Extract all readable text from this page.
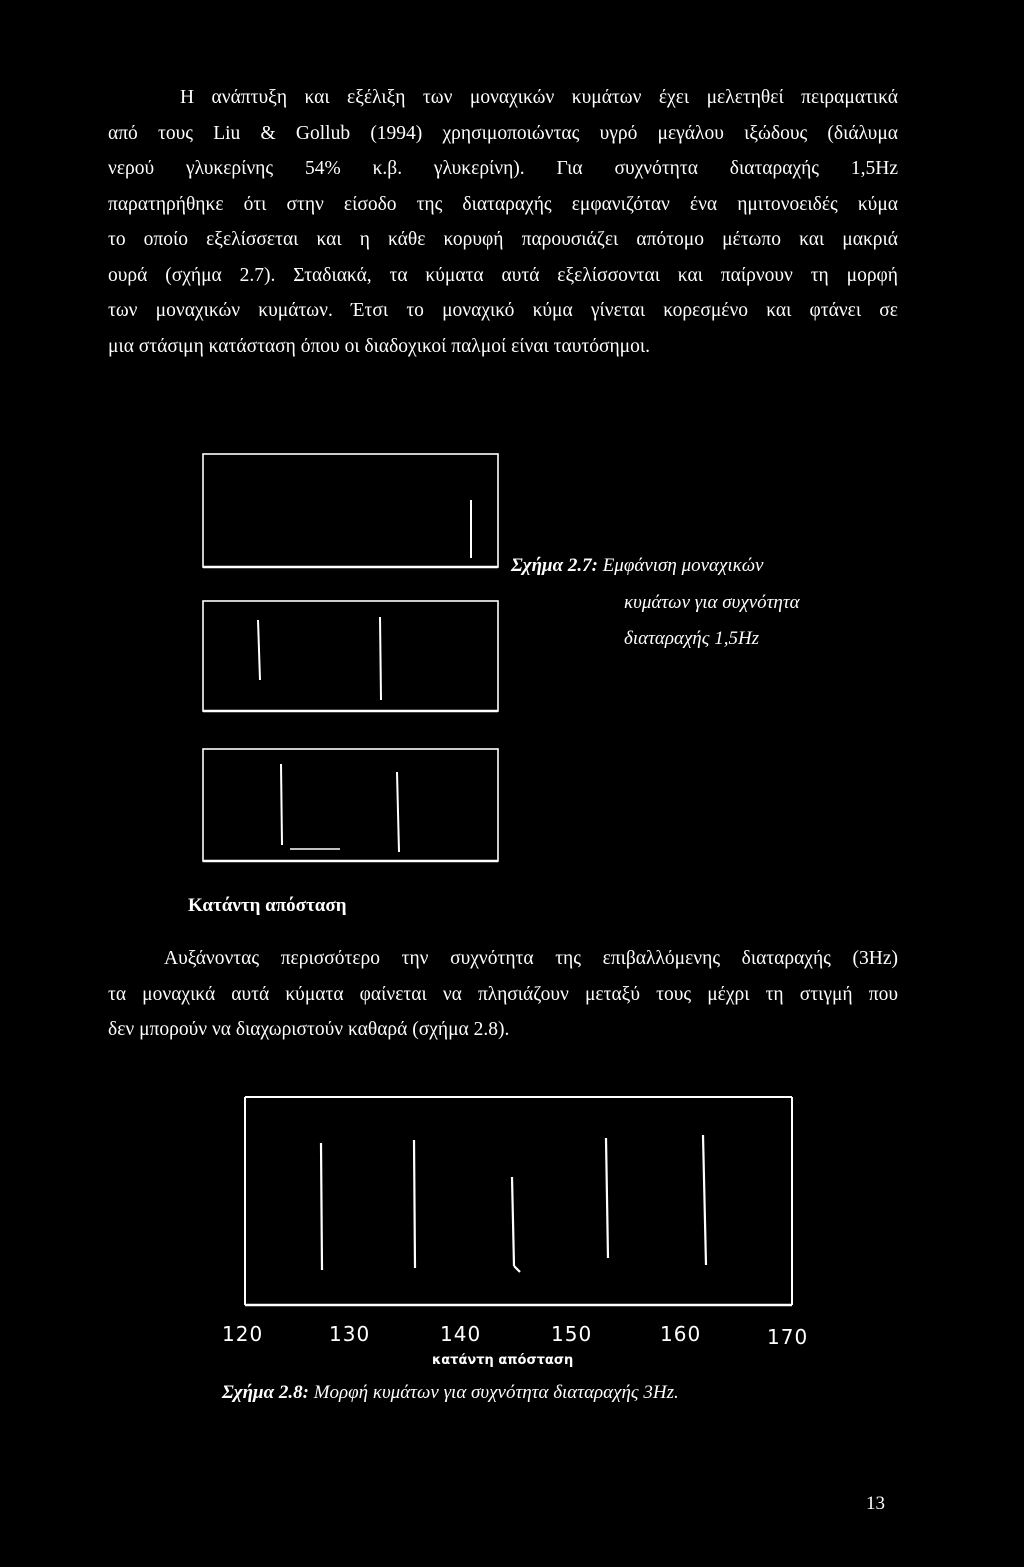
Η ανάπτυξη και εξέλιξη των μοναχικών κυμάτων έχει μελετηθεί πειραματικά
από τους Liu & Gollub (1994) χρησιμοποιώντας υγρό μεγάλου ιξώδους (διάλυμα
νερού γλυκερίνης 54% κ.β. γλυκερίνη). Για συχνότητα διαταραχής 1,5Hz
παρατηρήθηκε ότι στην είσοδο της διαταραχής εμφανιζόταν ένα ημιτονοειδές κύμα
το οποίο εξελίσσεται και η κάθε κορυφή παρουσιάζει απότομο μέτωπο και μακριά
ουρά (σχήμα 2.7). Σταδιακά, τα κύματα αυτά εξελίσσονται και παίρνουν τη μορφή
των μοναχικών κυμάτων. Έτσι το μοναχικό κύμα γίνεται κορεσμένο και φτάνει σε
μια στάσιμη κατάσταση όπου οι διαδοχικοί παλμοί είναι ταυτόσημοι.
Σχήμα 2.7: Εμφάνιση μοναχικών
κυμάτων για συχνότητα
διαταραχής 1,5Hz
Κατάντη απόσταση
Αυξάνοντας περισσότερο την συχνότητα της επιβαλλόμενης διαταραχής (3Hz)
τα μοναχικά αυτά κύματα φαίνεται να πλησιάζουν μεταξύ τους μέχρι τη στιγμή που
δεν μπορούν να διαχωριστούν καθαρά (σχήμα 2.8).
120	130	140	150	160	170
κατάντη απόσταση
Σχήμα 2.8: Μορφή κυμάτων για συχνότητα διαταραχής 3Hz.
13
